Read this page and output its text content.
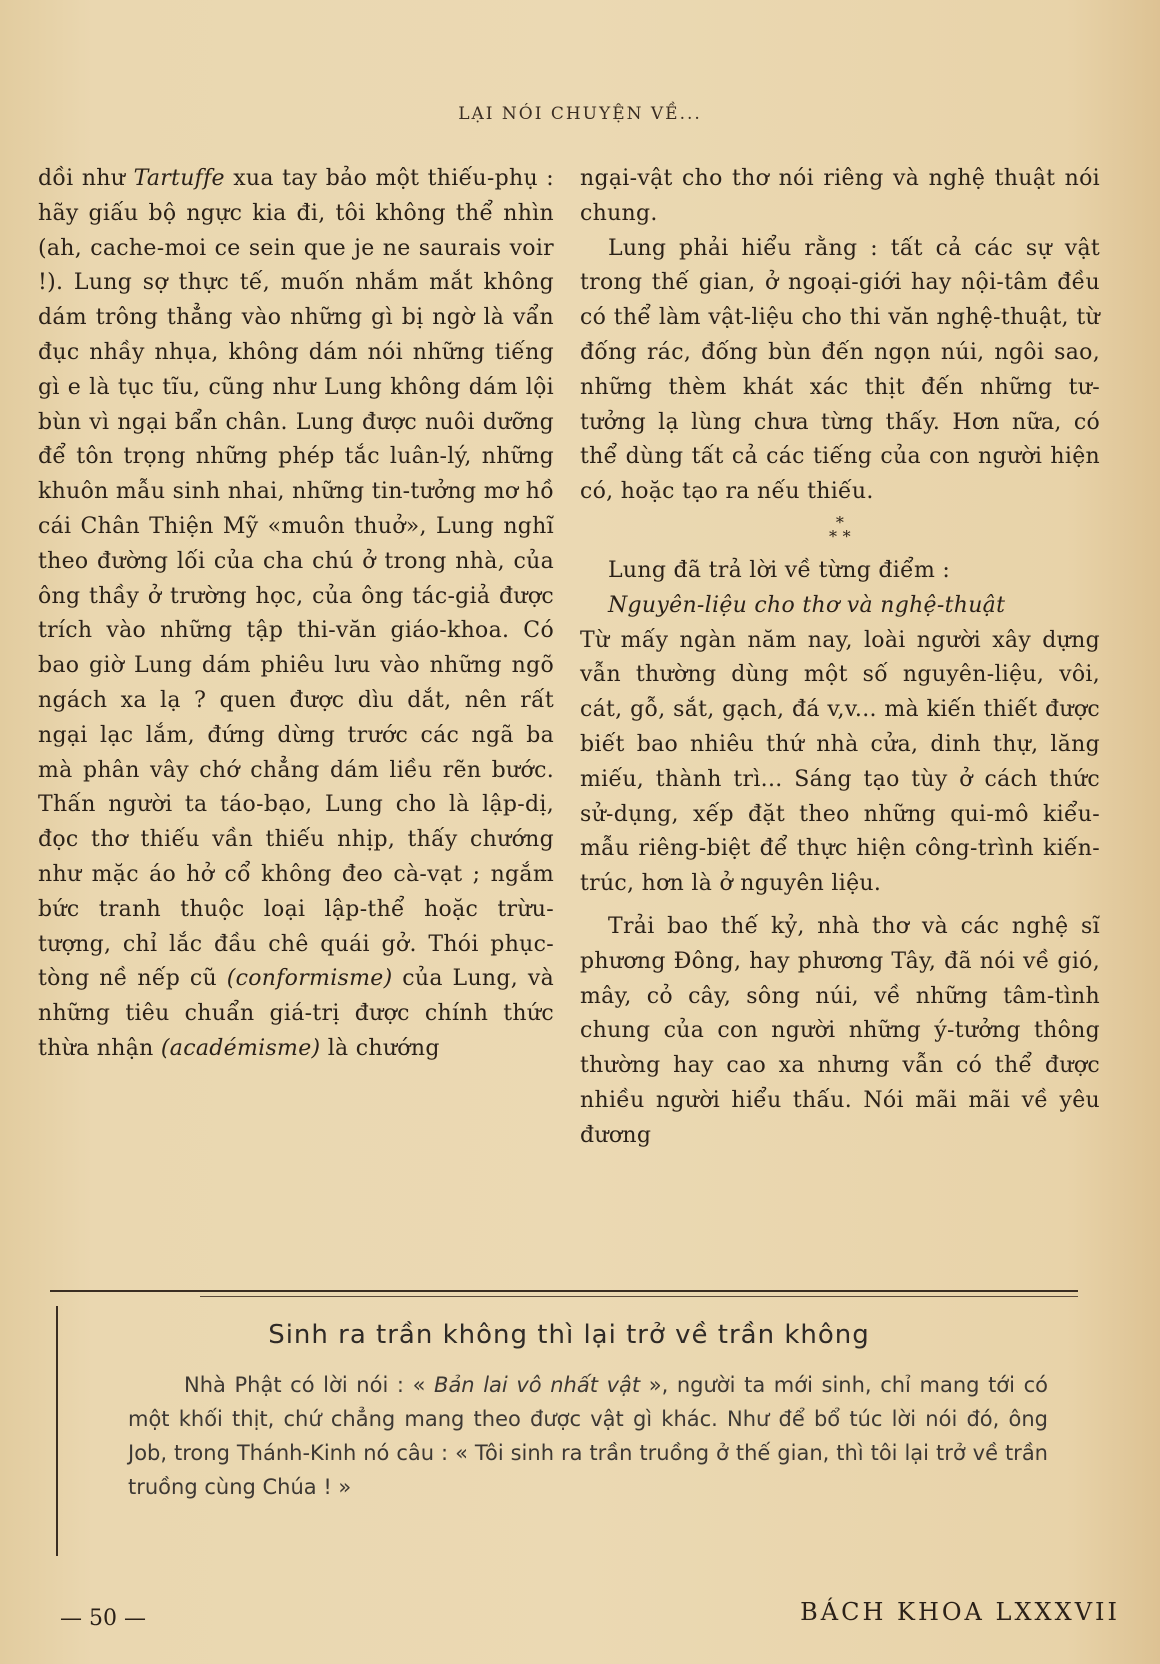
LẠI NÓI CHUYỆN VỀ...

dồi như Tartuffe xua tay bảo một thiếu-phụ : hãy giấu bộ ngực kia đi, tôi không thể nhìn (ah, cache-moi ce sein que je ne saurais voir !). Lung sợ thực tế, muốn nhắm mắt không dám trông thẳng vào những gì bị ngờ là vẩn đục nhầy nhụa, không dám nói những tiếng gì e là tục tĩu, cũng như Lung không dám lội bùn vì ngại bẩn chân. Lung được nuôi dưỡng để tôn trọng những phép tắc luân-lý, những khuôn mẫu sinh nhai, những tin-tưởng mơ hồ cái Chân Thiện Mỹ «muôn thuở», Lung nghĩ theo đường lối của cha chú ở trong nhà, của ông thầy ở trường học, của ông tác-giả được trích vào những tập thi-văn giáo-khoa. Có bao giờ Lung dám phiêu lưu vào những ngõ ngách xa lạ ? quen được dìu dắt, nên rất ngại lạc lắm, đứng dừng trước các ngã ba mà phân vây chớ chẳng dám liều rẽn bước. Thấn người ta táo-bạo, Lung cho là lập-dị, đọc thơ thiếu vần thiếu nhịp, thấy chướng như mặc áo hở cổ không đeo cà-vạt ; ngắm bức tranh thuộc loại lập-thể hoặc trừu-tượng, chỉ lắc đầu chê quái gở. Thói phục-tòng nề nếp cũ (conformisme) của Lung, và những tiêu chuẩn giá-trị được chính thức thừa nhận (académisme) là chướng

ngại-vật cho thơ nói riêng và nghệ thuật nói chung.

Lung phải hiểu rằng : tất cả các sự vật trong thế gian, ở ngoại-giới hay nội-tâm đều có thể làm vật-liệu cho thi văn nghệ-thuật, từ đống rác, đống bùn đến ngọn núi, ngôi sao, những thèm khát xác thịt đến những tư-tưởng lạ lùng chưa từng thấy. Hơn nữa, có thể dùng tất cả các tiếng của con người hiện có, hoặc tạo ra nếu thiếu.

*
* *

Lung đã trả lời về từng điểm :

Nguyên-liệu cho thơ và nghệ-thuật

Từ mấy ngàn năm nay, loài người xây dựng vẫn thường dùng một số nguyên-liệu, vôi, cát, gỗ, sắt, gạch, đá v,v... mà kiến thiết được biết bao nhiêu thứ nhà cửa, dinh thự, lăng miếu, thành trì... Sáng tạo tùy ở cách thức sử-dụng, xếp đặt theo những qui-mô kiểu-mẫu riêng-biệt để thực hiện công-trình kiến-trúc, hơn là ở nguyên liệu.

Trải bao thế kỷ, nhà thơ và các nghệ sĩ phương Đông, hay phương Tây, đã nói về gió, mây, cỏ cây, sông núi, về những tâm-tình chung của con người những ý-tưởng thông thường hay cao xa nhưng vẫn có thể được nhiều người hiểu thấu. Nói mãi mãi về yêu đương

Sinh ra trần không thì lại trở về trần không
Nhà Phật có lời nói : « Bản lai vô nhất vật », người ta mới sinh, chỉ mang tới có một khối thịt, chứ chẳng mang theo được vật gì khác. Như để bổ túc lời nói đó, ông Job, trong Thánh-Kinh nó câu : « Tôi sinh ra trần truồng ở thế gian, thì tôi lại trở về trần truồng cùng Chúa ! »
— 50 —	BÁCH KHOA LXXXVII
